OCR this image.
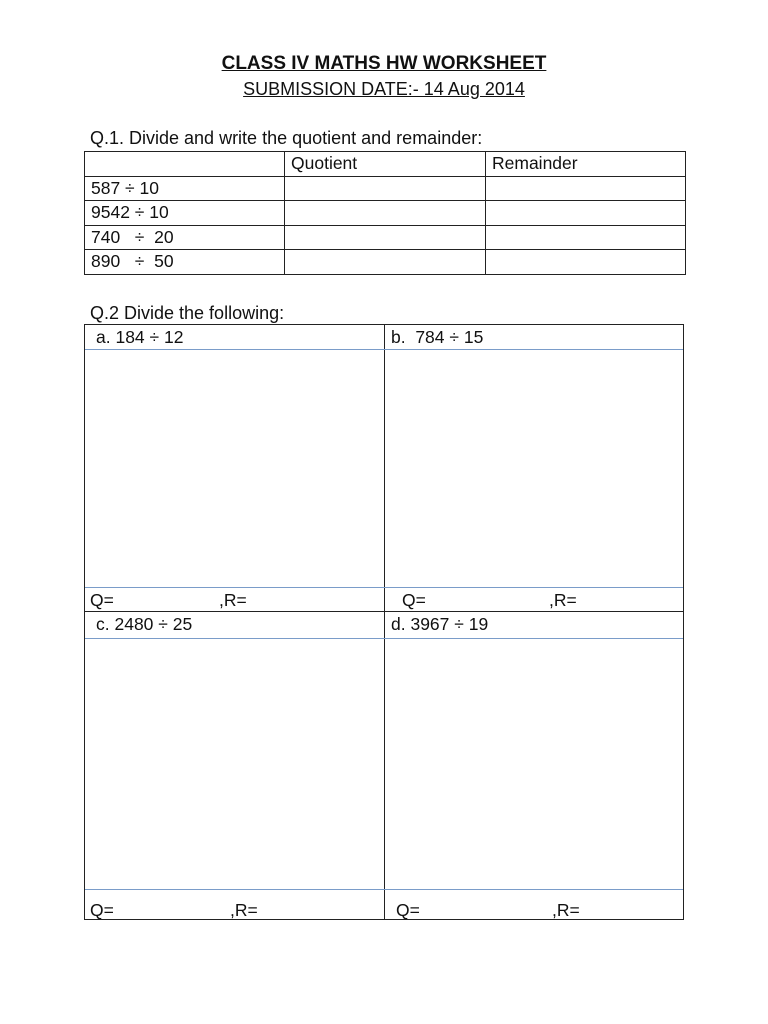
CLASS IV MATHS HW WORKSHEET
SUBMISSION DATE:- 14 Aug 2014
Q.1. Divide and write the quotient and remainder:
	Quotient	Remainder
587 ÷ 10		
9542 ÷ 10		
740   ÷  20		
890   ÷  50		
Q.2 Divide the following:
a. 184 ÷ 12
Q=	,R=
b.  784 ÷ 15
Q=	,R=
c. 2480 ÷ 25
Q=	,R=
d. 3967 ÷ 19
Q=	,R=
